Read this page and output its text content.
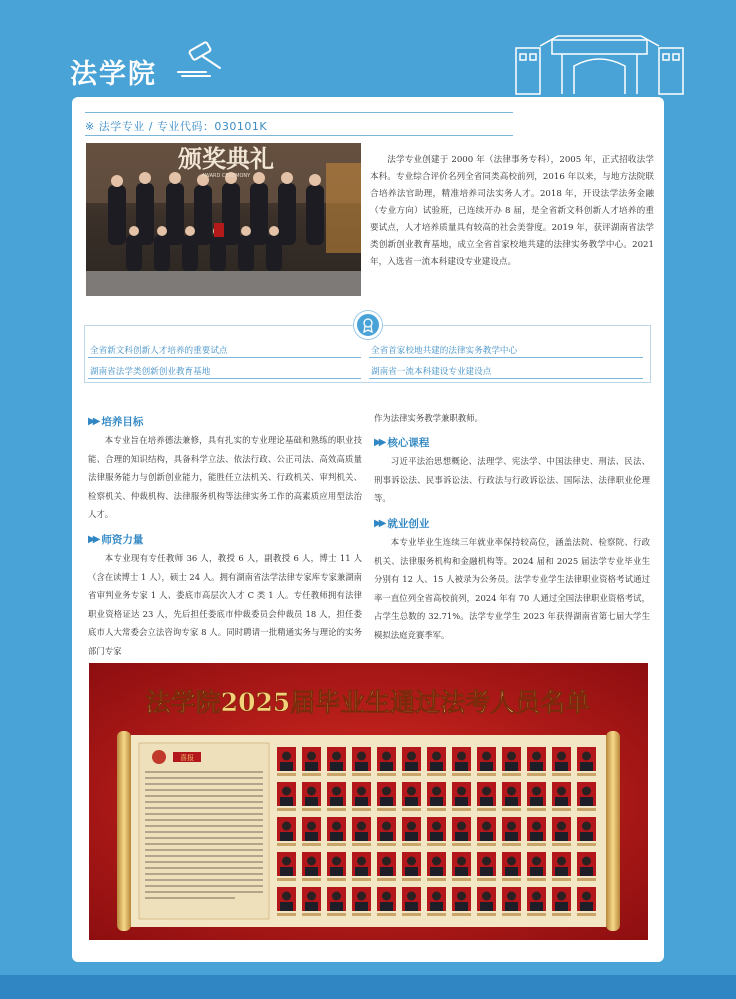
法学院
※ 法学专业 / 专业代码：030101K
颁奖典礼
AWARD CEREMONY
法学专业创建于 2000 年（法律事务专科），2005 年，正式招收法学本科。专业综合评价名列全省同类高校前列，2016 年以来，与地方法院联合培养法官助理，精准培养司法实务人才。2018 年，开设法学法务金融（专业方向）试验班，已连续开办 8 届，是全省新文科创新人才培养的重要试点，人才培养质量具有较高的社会美誉度。2019 年，获评湖南省法学类创新创业教育基地，成立全省首家校地共建的法律实务教学中心。2021 年，入选省一流本科建设专业建设点。
全省新文科创新人才培养的重要试点	全省首家校地共建的法律实务教学中心
湖南省法学类创新创业教育基地	湖南省一流本科建设专业建设点
▶▶ 培养目标
本专业旨在培养德法兼修，具有扎实的专业理论基础和熟练的职业技能、合理的知识结构，具备科学立法、依法行政、公正司法、高效高质量法律服务能力与创新创业能力，能胜任立法机关、行政机关、审判机关、检察机关、仲裁机构、法律服务机构等法律实务工作的高素质应用型法治人才。
▶▶ 师资力量
本专业现有专任教师 36 人，教授 6 人，副教授 6 人，博士 11 人（含在读博士 1 人），硕士 24 人。拥有湖南省法学法律专家库专家兼湖南省审判业务专家 1 人、娄底市高层次人才 C 类 1 人。专任教师拥有法律职业资格证达 23 人，先后担任娄底市仲裁委员会仲裁员 18 人，担任娄底市人大常委会立法咨询专家 8 人。同时聘请一批精通实务与理论的实务部门专家
作为法律实务教学兼职教师。
▶▶ 核心课程
习近平法治思想概论、法理学、宪法学、中国法律史、刑法、民法、刑事诉讼法、民事诉讼法、行政法与行政诉讼法、国际法、法律职业伦理等。
▶▶ 就业创业
本专业毕业生连续三年就业率保持较高位，涵盖法院、检察院、行政机关、法律服务机构和金融机构等。2024 届和 2025 届法学专业毕业生分别有 12 人、15 人被录为公务员。法学专业学生法律职业资格考试通过率一直位列全省高校前列，2024 年有 70 人通过全国法律职业资格考试，占学生总数的 32.71%。法学专业学生 2023 年获得湖南省第七届大学生模拟法庭竞赛季军。
法学院2025届毕业生通过法考人员名单
喜报
